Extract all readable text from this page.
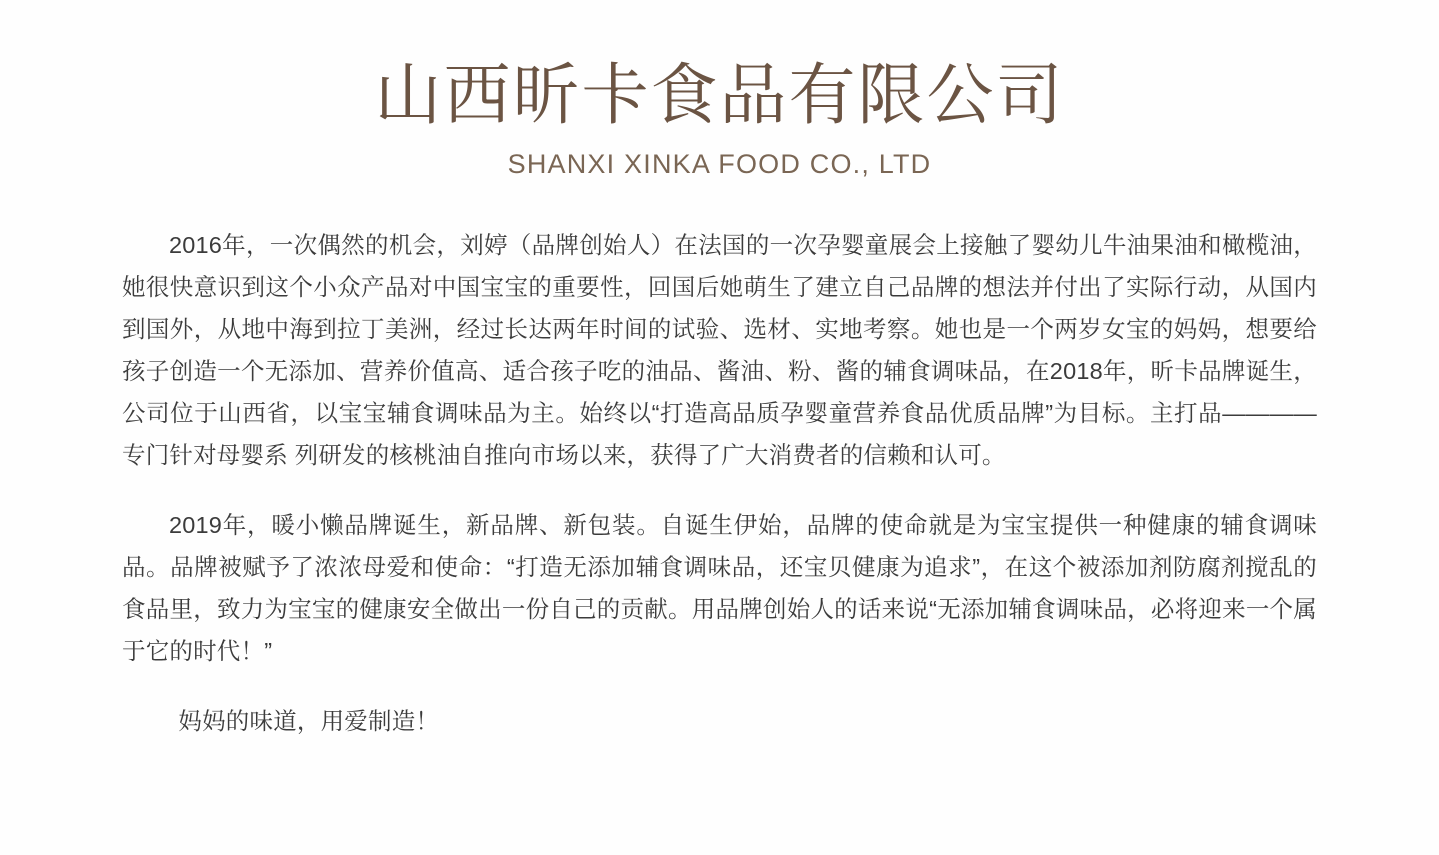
山西昕卡食品有限公司
SHANXI XINKA FOOD CO., LTD

2016年，一次偶然的机会，刘婷（品牌创始人）在法国的一次孕婴童展会上接触了婴幼儿牛油果油和橄榄油，她很快意识到这个小众产品对中国宝宝的重要性，回国后她萌生了建立自己品牌的想法并付出了实际行动，从国内到国外，从地中海到拉丁美洲，经过长达两年时间的试验、选材、实地考察。她也是一个两岁女宝的妈妈，想要给孩子创造一个无添加、营养价值高、适合孩子吃的油品、酱油、粉、酱的辅食调味品，在2018年，昕卡品牌诞生，公司位于山西省，以宝宝辅食调味品为主。始终以“打造高品质孕婴童营养食品优质品牌”为目标。主打品————专门针对母婴系 列研发的核桃油自推向市场以来，获得了广大消费者的信赖和认可。

2019年，暖小懒品牌诞生，新品牌、新包装。自诞生伊始，品牌的使命就是为宝宝提供一种健康的辅食调味品。品牌被赋予了浓浓母爱和使命：“打造无添加辅食调味品，还宝贝健康为追求”，在这个被添加剂防腐剂搅乱的食品里，致力为宝宝的健康安全做出一份自己的贡献。用品牌创始人的话来说“无添加辅食调味品，必将迎来一个属于它的时代！”

妈妈的味道，用爱制造！
